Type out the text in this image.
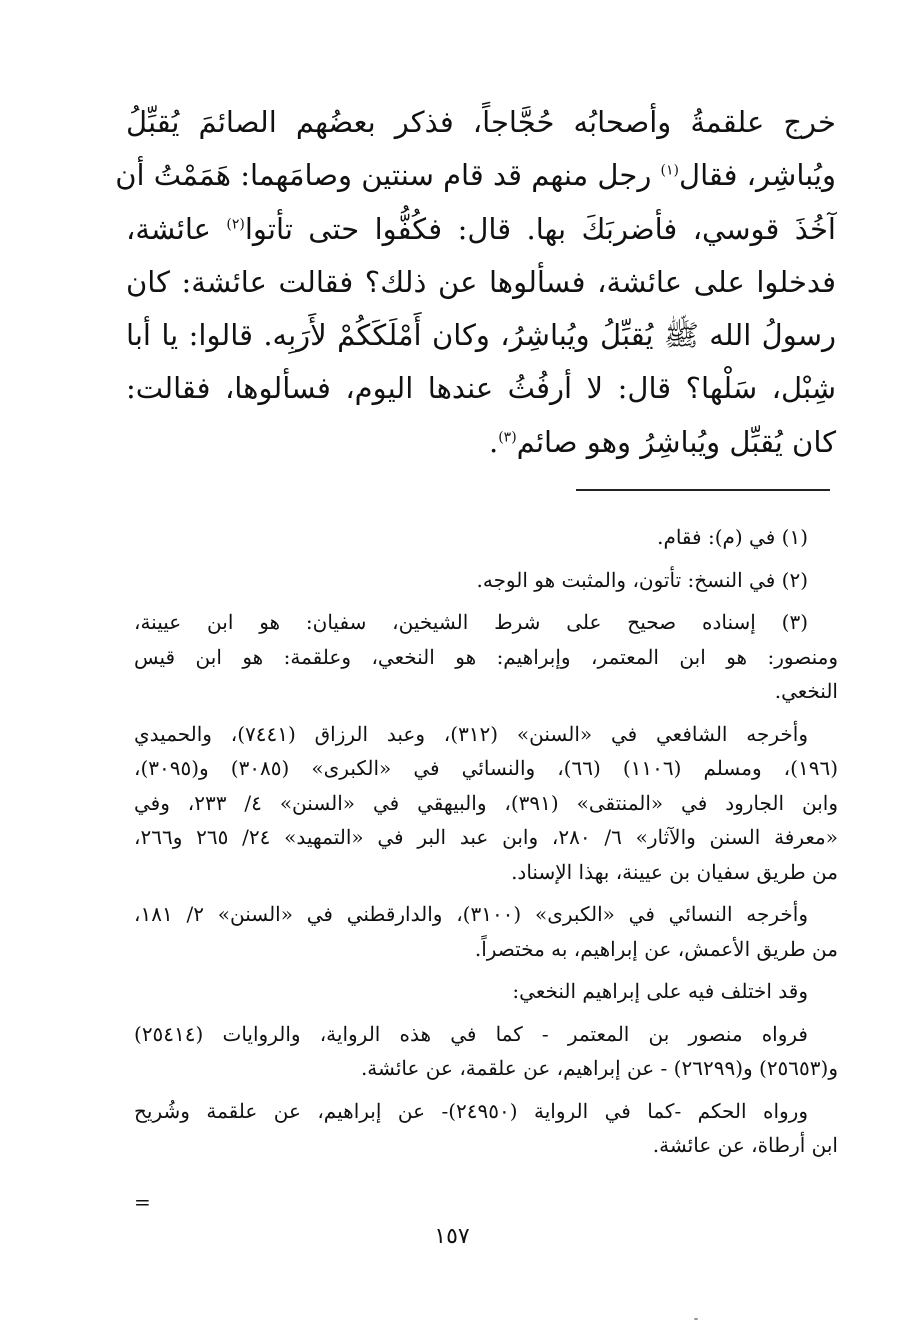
خرج علقمةُ وأصحابُه حُجَّاجاً، فذكر بعضُهم الصائمَ يُقبِّلُ
ويُباشِر، فقال$^{(١)}$ رجل منهم قد قام سنتين وصامَهما: هَمَمْتُ أن
آخُذَ قوسي، فأضربَكَ بها. قال: فكُفُّوا حتى تأتوا$^{(٢)}$ عائشة،
فدخلوا على عائشة، فسألوها عن ذلك؟ فقالت عائشة: كان
رسولُ الله ﷺ يُقبِّلُ ويُباشِرُ، وكان أَمْلَكَكُمْ لأَرَبِه. قالوا: يا أبا
شِبْل، سَلْها؟ قال: لا أرفُثُ عندها اليوم، فسألوها، فقالت:
كان يُقبِّل ويُباشِرُ وهو صائم$^{(٣)}$.
(١) في (م): فقام.
(٢) في النسخ: تأتون، والمثبت هو الوجه.
(٣) إسناده صحيح على شرط الشيخين، سفيان: هو ابن عيينة،
ومنصور: هو ابن المعتمر، وإبراهيم: هو النخعي، وعلقمة: هو ابن قيس
النخعي.
وأخرجه الشافعي في «السنن» (٣١٢)، وعبد الرزاق (٧٤٤١)، والحميدي
(١٩٦)، ومسلم (١١٠٦) (٦٦)، والنسائي في «الكبرى» (٣٠٨٥) و(٣٠٩٥)،
وابن الجارود في «المنتقى» (٣٩١)، والبيهقي في «السنن» ٤/ ٢٣٣، وفي
«معرفة السنن والآثار» ٦/ ٢٨٠، وابن عبد البر في «التمهيد» ٢٤/ ٢٦٥ و٢٦٦،
من طريق سفيان بن عيينة، بهذا الإسناد.
وأخرجه النسائي في «الكبرى» (٣١٠٠)، والدارقطني في «السنن» ٢/ ١٨١،
من طريق الأعمش، عن إبراهيم، به مختصراً.
وقد اختلف فيه على إبراهيم النخعي:
فرواه منصور بن المعتمر - كما في هذه الرواية، والروايات (٢٥٤١٤)
و(٢٥٦٥٣) و(٢٦٢٩٩) - عن إبراهيم، عن علقمة، عن عائشة.
ورواه الحكم -كما في الرواية (٢٤٩٥٠)- عن إبراهيم، عن علقمة وشُريح
ابن أرطاة، عن عائشة.
=
١٥٧
